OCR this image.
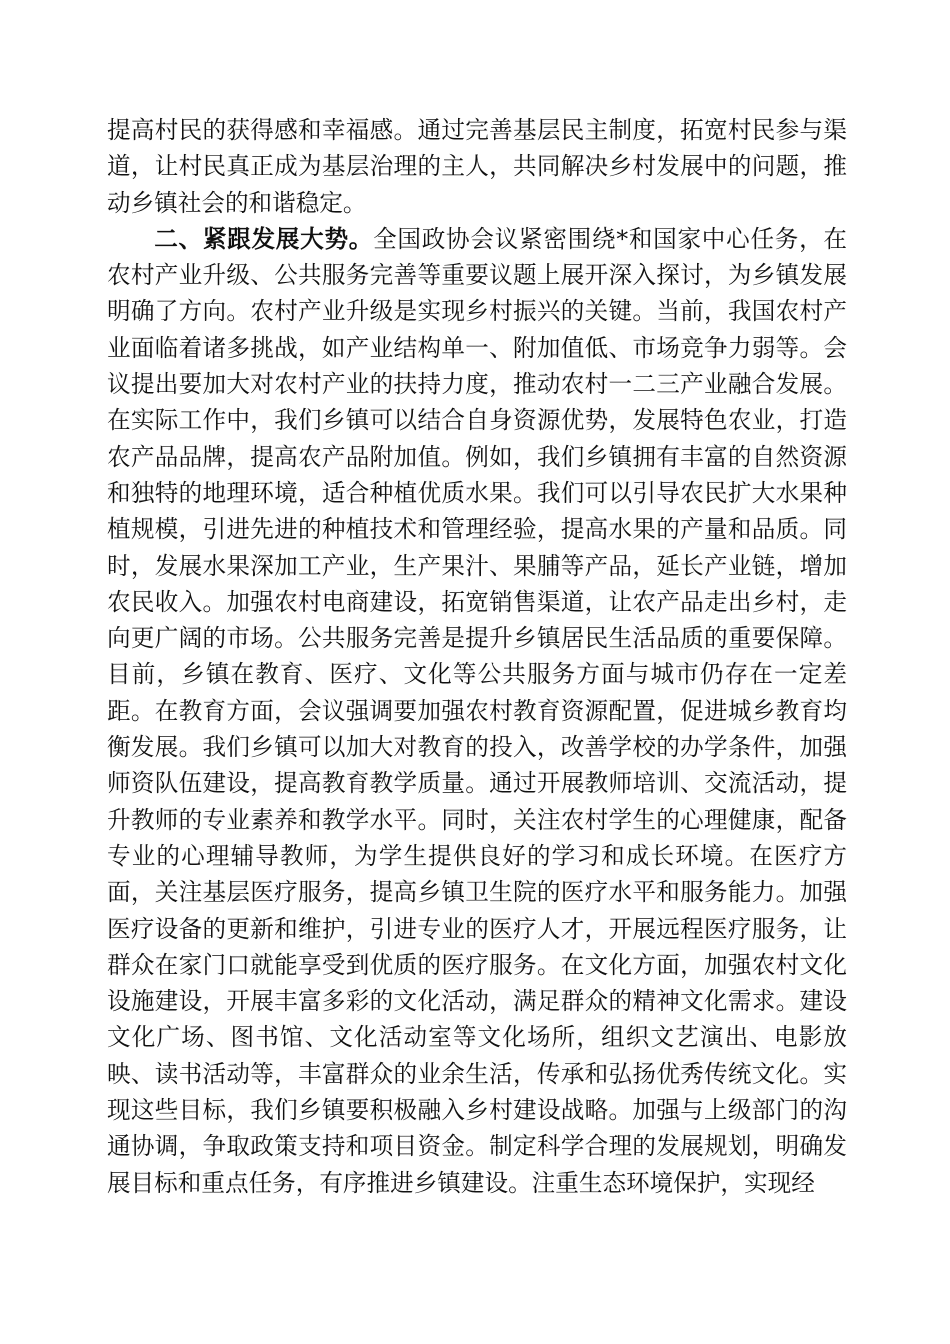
提高村民的获得感和幸福感。通过完善基层民主制度，拓宽村民参与渠道，让村民真正成为基层治理的主人，共同解决乡村发展中的问题，推动乡镇社会的和谐稳定。

二、紧跟发展大势。全国政协会议紧密围绕*和国家中心任务，在农村产业升级、公共服务完善等重要议题上展开深入探讨，为乡镇发展明确了方向。农村产业升级是实现乡村振兴的关键。当前，我国农村产业面临着诸多挑战，如产业结构单一、附加值低、市场竞争力弱等。会议提出要加大对农村产业的扶持力度，推动农村一二三产业融合发展。在实际工作中，我们乡镇可以结合自身资源优势，发展特色农业，打造农产品品牌，提高农产品附加值。例如，我们乡镇拥有丰富的自然资源和独特的地理环境，适合种植优质水果。我们可以引导农民扩大水果种植规模，引进先进的种植技术和管理经验，提高水果的产量和品质。同时，发展水果深加工产业，生产果汁、果脯等产品，延长产业链，增加农民收入。加强农村电商建设，拓宽销售渠道，让农产品走出乡村，走向更广阔的市场。公共服务完善是提升乡镇居民生活品质的重要保障。目前，乡镇在教育、医疗、文化等公共服务方面与城市仍存在一定差距。在教育方面，会议强调要加强农村教育资源配置，促进城乡教育均衡发展。我们乡镇可以加大对教育的投入，改善学校的办学条件，加强师资队伍建设，提高教育教学质量。通过开展教师培训、交流活动，提升教师的专业素养和教学水平。同时，关注农村学生的心理健康，配备专业的心理辅导教师，为学生提供良好的学习和成长环境。在医疗方面，关注基层医疗服务，提高乡镇卫生院的医疗水平和服务能力。加强医疗设备的更新和维护，引进专业的医疗人才，开展远程医疗服务，让群众在家门口就能享受到优质的医疗服务。在文化方面，加强农村文化设施建设，开展丰富多彩的文化活动，满足群众的精神文化需求。建设文化广场、图书馆、文化活动室等文化场所，组织文艺演出、电影放映、读书活动等，丰富群众的业余生活，传承和弘扬优秀传统文化。实现这些目标，我们乡镇要积极融入乡村建设战略。加强与上级部门的沟通协调，争取政策支持和项目资金。制定科学合理的发展规划，明确发展目标和重点任务，有序推进乡镇建设。注重生态环境保护，实现经
